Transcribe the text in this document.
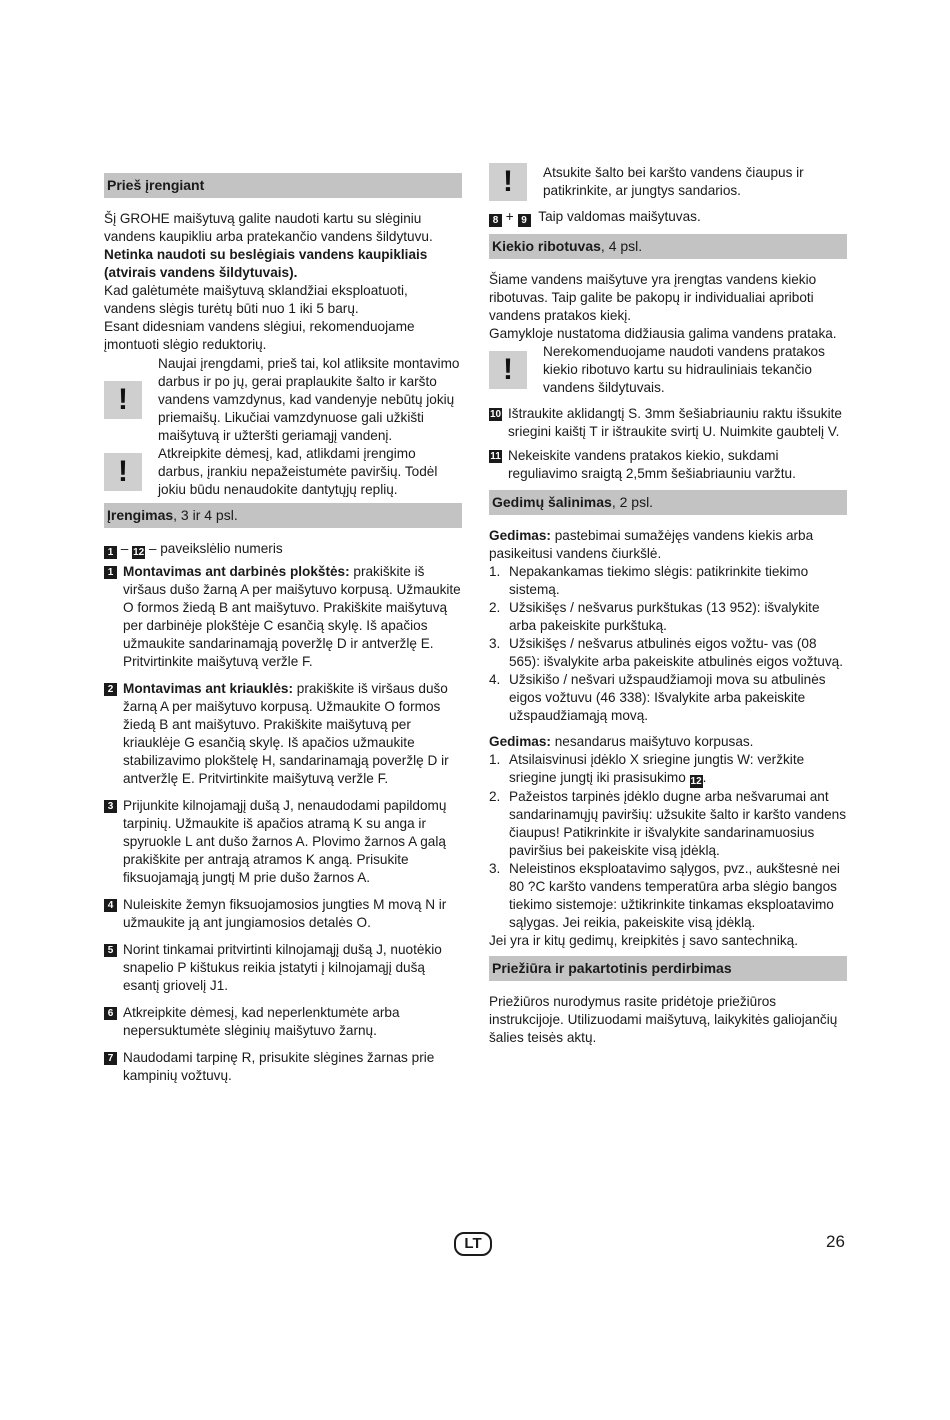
Prieš įrengiant

Šį GROHE maišytuvą galite naudoti kartu su slėginiu vandens kaupikliu arba pratekančio vandens šildytuvu. Netinka naudoti su beslėgiais vandens kaupikliais (atvirais vandens šildytuvais).

Kad galėtumėte maišytuvą sklandžiai eksploatuoti, vandens slėgis turėtų būti nuo 1 iki 5 barų.

Esant didesniam vandens slėgiui, rekomenduojame įmontuoti slėgio reduktorių.

!
Naujai įrengdami, prieš tai, kol atliksite montavimo darbus ir po jų, gerai praplaukite šalto ir karšto vandens vamzdynus, kad vandenyje nebūtų jokių priemaišų. Likučiai vamzdynuose gali užkišti maišytuvą ir užteršti geriamąjį vandenį.
!
Atkreipkite dėmesį, kad, atlikdami įrengimo darbus, įrankiu nepažeistumėte paviršių. Todėl jokiu būdu nenaudokite dantytųjų replių.
Įrengimas, 3 ir 4 psl.

1 – 12 – paveikslėlio numeris

1 Montavimas ant darbinės plokštės: prakiškite iš viršaus dušo žarną A per maišytuvo korpusą. Užmaukite O formos žiedą B ant maišytuvo. Prakiškite maišytuvą per darbinėje plokštėje C esančią skylę. Iš apačios užmaukite sandarinamąją poveržlę D ir antveržlę E. Pritvirtinkite maišytuvą veržle F.
2 Montavimas ant kriauklės: prakiškite iš viršaus dušo žarną A per maišytuvo korpusą. Užmaukite O formos žiedą B ant maišytuvo. Prakiškite maišytuvą per kriauklėje G esančią skylę. Iš apačios užmaukite stabilizavimo plokštelę H, sandarinamąją poveržlę D ir antveržlę E. Pritvirtinkite maišytuvą veržle F.
3 Prijunkite kilnojamąjį dušą J, nenaudodami papildomų tarpinių. Užmaukite iš apačios atramą K su anga ir spyruokle L ant dušo žarnos A. Plovimo žarnos A galą prakiškite per antrają atramos K angą. Prisukite fiksuojamąją jungtį M prie dušo žarnos A.
4 Nuleiskite žemyn fiksuojamosios jungties M movą N ir užmaukite ją ant jungiamosios detalės O.
5 Norint tinkamai pritvirtinti kilnojamąjį dušą J, nuotėkio snapelio P kištukus reikia įstatyti į kilnojamąjį dušą esantį griovelį J1.
6 Atkreipkite dėmesį, kad neperlenktumėte arba nepersuktumėte slėginių maišytuvo žarnų.
7 Naudodami tarpinę R, prisukite slėgines žarnas prie kampinių vožtuvų.
!	Atsukite šalto bei karšto vandens čiaupus ir patikrinkite, ar jungtys sandarios.

8 + 9 Taip valdomas maišytuvas.

Kiekio ribotuvas, 4 psl.

Šiame vandens maišytuve yra įrengtas vandens kiekio ribotuvas. Taip galite be pakopų ir individualiai apriboti vandens pratakos kiekį.

Gamykloje nustatoma didžiausia galima vandens prataka.

!
Nerekomenduojame naudoti vandens pratakos kiekio ribotuvo kartu su hidrauliniais tekančio vandens šildytuvais.
10 Ištraukite aklidangtį S. 3mm šešiabriauniu raktu išsukite sriegini kaištį T ir ištraukite svirtį U. Nuimkite gaubtelį V.
11 Nekeiskite vandens pratakos kiekio, sukdami reguliavimo sraigtą 2,5mm šešiabriauniu varžtu.
Gedimų šalinimas, 2 psl.

Gedimas: pastebimai sumažėjęs vandens kiekis arba pasikeitusi vandens čiurkšlė.

1. Nepakankamas tiekimo slėgis: patikrinkite tiekimo sistemą.
2. Užsikišęs / nešvarus purkštukas (13 952): išvalykite arba pakeiskite purkštuką.
3. Užsikišęs / nešvarus atbulinės eigos vožtu- vas (08 565): išvalykite arba pakeiskite atbulinės eigos vožtuvą.
4. Užsikišo / nešvari užspaudžiamoji mova su atbulinės eigos vožtuvu (46 338): Išvalykite arba pakeiskite užspaudžiamąją movą.

Gedimas: nesandarus maišytuvo korpusas.

1. Atsilaisvinusi įdėklo X sriegine jungtis W: veržkite sriegine jungtį iki prasisukimo 12.
2. Pažeistos tarpinės įdėklo dugne arba nešvarumai ant sandarinamųjų paviršių: užsukite šalto ir karšto vandens čiaupus! Patikrinkite ir išvalykite sandarinamuosius paviršius bei pakeiskite visą įdėklą.
3. Neleistinos eksploatavimo sąlygos, pvz., aukštesnė nei 80 ?C karšto vandens temperatūra arba slėgio bangos tiekimo sistemoje: užtikrinkite tinkamas eksploatavimo sąlygas. Jei reikia, pakeiskite visą įdėklą.

Jei yra ir kitų gedimų, kreipkitės į savo santechniką.

Priežiūra ir pakartotinis perdirbimas

Priežiūros nurodymus rasite pridėtoje priežiūros instrukcijoje. Utilizuodami maišytuvą, laikykitės galiojančių šalies teisės aktų.

LT	26
